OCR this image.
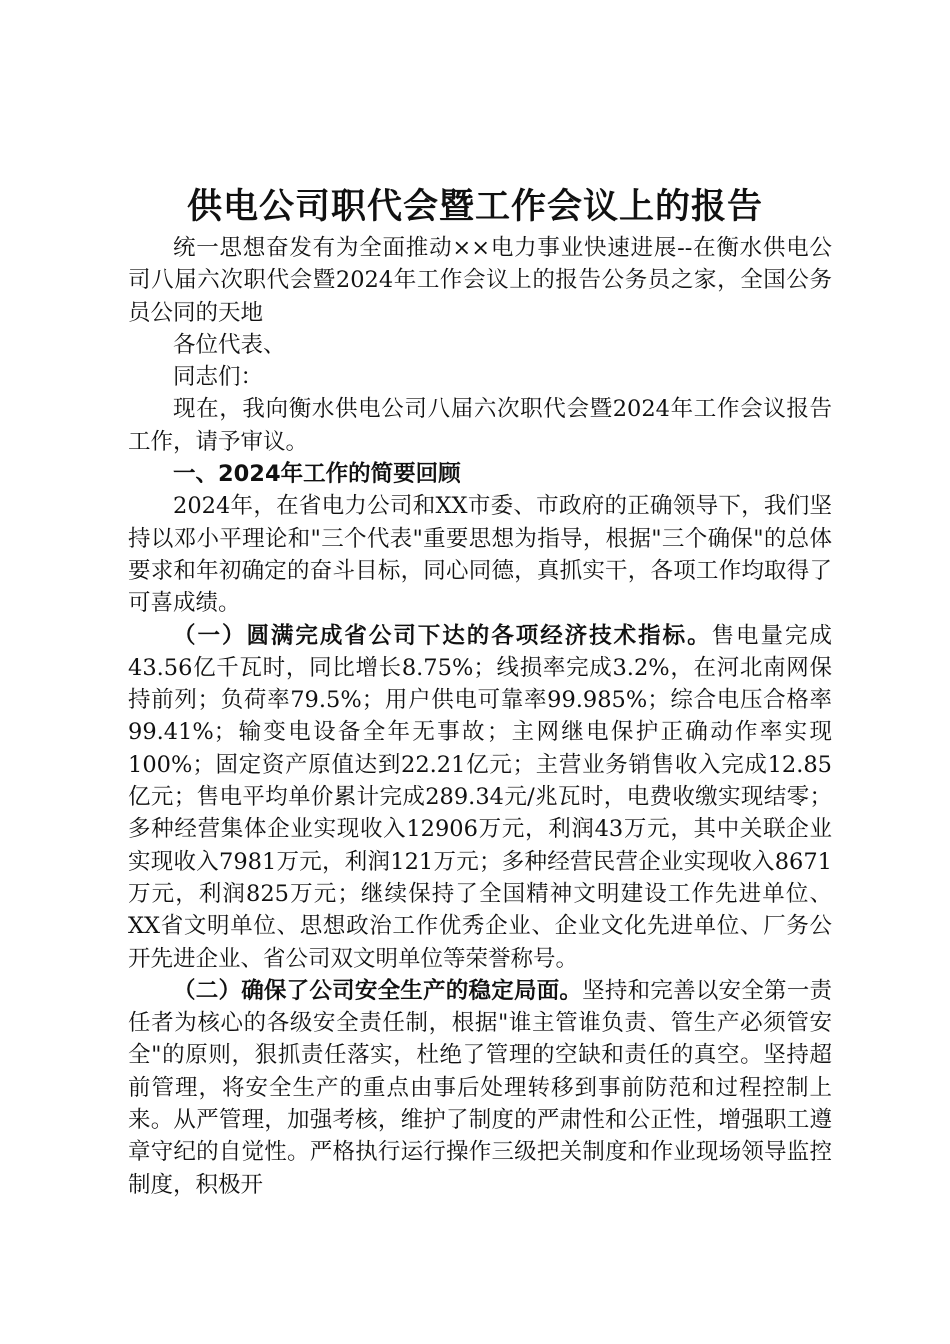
供电公司职代会暨工作会议上的报告

统一思想奋发有为全面推动××电力事业快速进展--在衡水供电公司八届六次职代会暨2024年工作会议上的报告公务员之家，全国公务员公同的天地

各位代表、

同志们：

现在，我向衡水供电公司八届六次职代会暨2024年工作会议报告工作，请予审议。

一、2024年工作的简要回顾

2024年，在省电力公司和XX市委、市政府的正确领导下，我们坚持以邓小平理论和"三个代表"重要思想为指导，根据"三个确保"的总体要求和年初确定的奋斗目标，同心同德，真抓实干，各项工作均取得了可喜成绩。

（一）圆满完成省公司下达的各项经济技术指标。售电量完成43.56亿千瓦时，同比增长8.75%；线损率完成3.2%，在河北南网保持前列；负荷率79.5%；用户供电可靠率99.985%；综合电压合格率99.41%；输变电设备全年无事故；主网继电保护正确动作率实现100%；固定资产原值达到22.21亿元；主营业务销售收入完成12.85亿元；售电平均单价累计完成289.34元/兆瓦时，电费收缴实现结零；多种经营集体企业实现收入12906万元，利润43万元，其中关联企业实现收入7981万元，利润121万元；多种经营民营企业实现收入8671万元，利润825万元；继续保持了全国精神文明建设工作先进单位、XX省文明单位、思想政治工作优秀企业、企业文化先进单位、厂务公开先进企业、省公司双文明单位等荣誉称号。

（二）确保了公司安全生产的稳定局面。坚持和完善以安全第一责任者为核心的各级安全责任制，根据"谁主管谁负责、管生产必须管安全"的原则，狠抓责任落实，杜绝了管理的空缺和责任的真空。坚持超前管理，将安全生产的重点由事后处理转移到事前防范和过程控制上来。从严管理，加强考核，维护了制度的严肃性和公正性，增强职工遵章守纪的自觉性。严格执行运行操作三级把关制度和作业现场领导监控制度，积极开
